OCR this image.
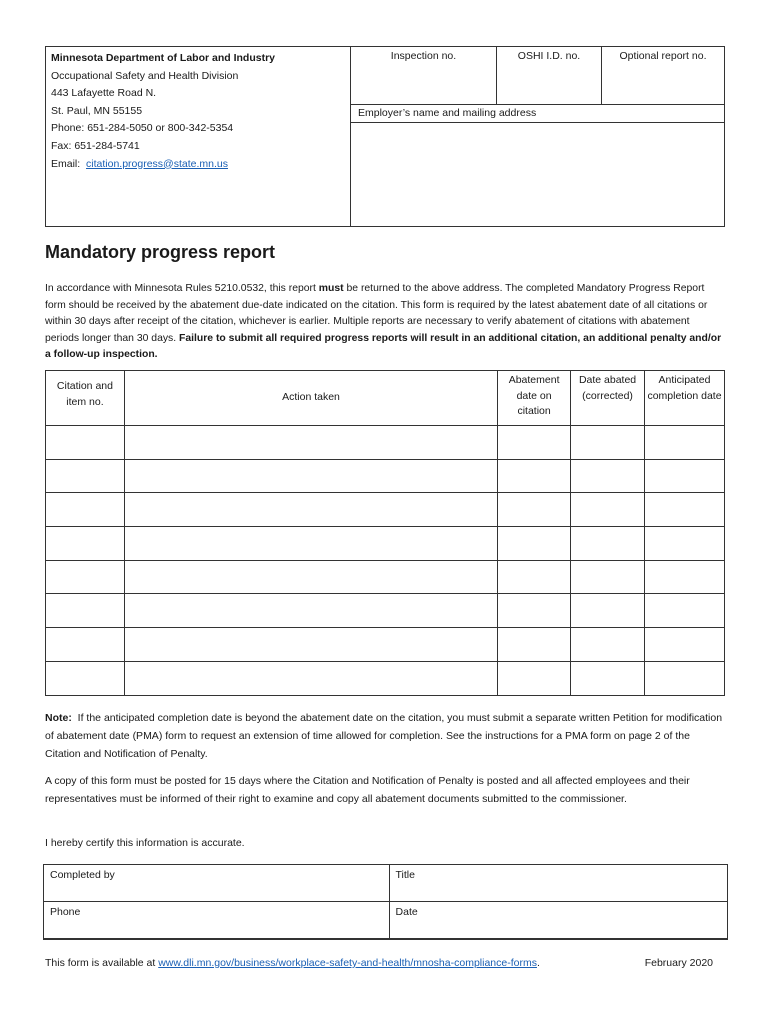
Minnesota Department of Labor and Industry
Occupational Safety and Health Division
443 Lafayette Road N.
St. Paul, MN 55155
Phone: 651-284-5050 or 800-342-5354
Fax: 651-284-5741
Email:  citation.progress@state.mn.us
Inspection no.	OSHI I.D. no.	Optional report no.
Employer’s name and mailing address
Mandatory progress report
In accordance with Minnesota Rules 5210.0532, this report must be returned to the above address. The completed Mandatory Progress Report form should be received by the abatement due-date indicated on the citation. This form is required by the latest abatement date of all citations or within 30 days after receipt of the citation, whichever is earlier. Multiple reports are necessary to verify abatement of citations with abatement periods longer than 30 days. Failure to submit all required progress reports will result in an additional citation, an additional penalty and/or a follow-up inspection.
Citation and item no.	Action taken	Abatement date on citation	Date abated (corrected)	Anticipated completion date

Note:  If the anticipated completion date is beyond the abatement date on the citation, you must submit a separate written Petition for modification of abatement date (PMA) form to request an extension of time allowed for completion. See the instructions for a PMA form on page 2 of the Citation and Notification of Penalty.
A copy of this form must be posted for 15 days where the Citation and Notification of Penalty is posted and all affected employees and their representatives must be informed of their right to examine and copy all abatement documents submitted to the commissioner.
I hereby certify this information is accurate.
Completed by	Title
Phone	Date
This form is available at www.dli.mn.gov/business/workplace-safety-and-health/mnosha-compliance-forms.	February 2020
